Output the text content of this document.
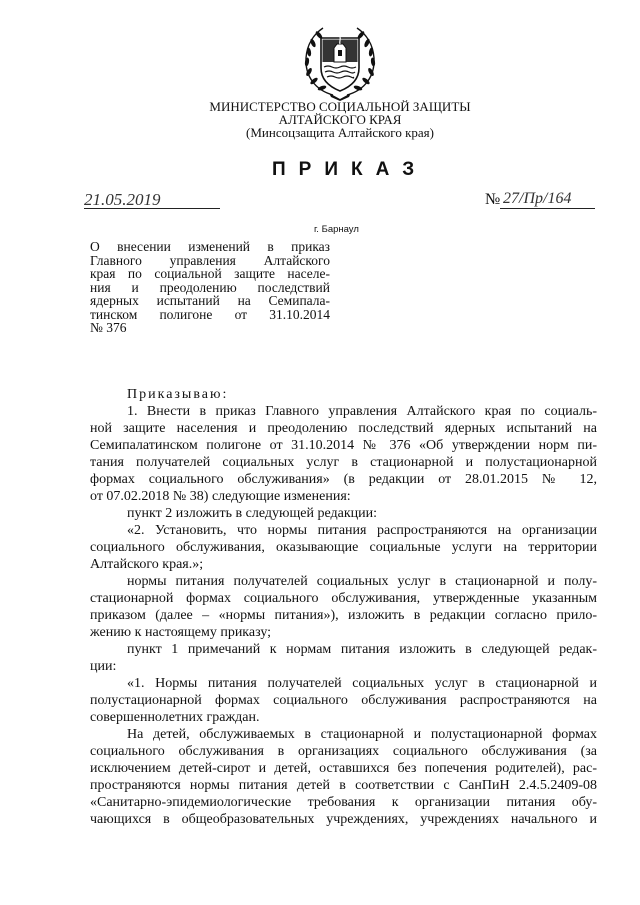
МИНИСТЕРСТВО СОЦИАЛЬНОЙ ЗАЩИТЫ
АЛТАЙСКОГО КРАЯ
(Минсоцзащита Алтайского края)
ПРИКАЗ
21.05.2019	№ 27/Пр/164
г. Барнаул
О внесении изменений в приказ
Главного управления Алтайского
края по социальной защите населе-
ния и преодолению последствий
ядерных испытаний на Семипала-
тинском полигоне от 31.10.2014
№ 376
Приказываю:
1. Внести в приказ Главного управления Алтайского края по социаль-
ной защите населения и преодолению последствий ядерных испытаний на
Семипалатинском полигоне от 31.10.2014 № 376 «Об утверждении норм пи-
тания получателей социальных услуг в стационарной и полустационарной
формах социального обслуживания» (в редакции от 28.01.2015 № 12,
от 07.02.2018 № 38) следующие изменения:
пункт 2 изложить в следующей редакции:
«2. Установить, что нормы питания распространяются на организации
социального обслуживания, оказывающие социальные услуги на территории
Алтайского края.»;
нормы питания получателей социальных услуг в стационарной и полу-
стационарной формах социального обслуживания, утвержденные указанным
приказом (далее – «нормы питания»), изложить в редакции согласно прило-
жению к настоящему приказу;
пункт 1 примечаний к нормам питания изложить в следующей редак-
ции:
«1. Нормы питания получателей социальных услуг в стационарной и
полустационарной формах социального обслуживания распространяются на
совершеннолетних граждан.
На детей, обслуживаемых в стационарной и полустационарной формах
социального обслуживания в организациях социального обслуживания (за
исключением детей-сирот и детей, оставшихся без попечения родителей), рас-
пространяются нормы питания детей в соответствии с СанПиН 2.4.5.2409-08
«Санитарно-эпидемиологические требования к организации питания обу-
чающихся в общеобразовательных учреждениях, учреждениях начального и
